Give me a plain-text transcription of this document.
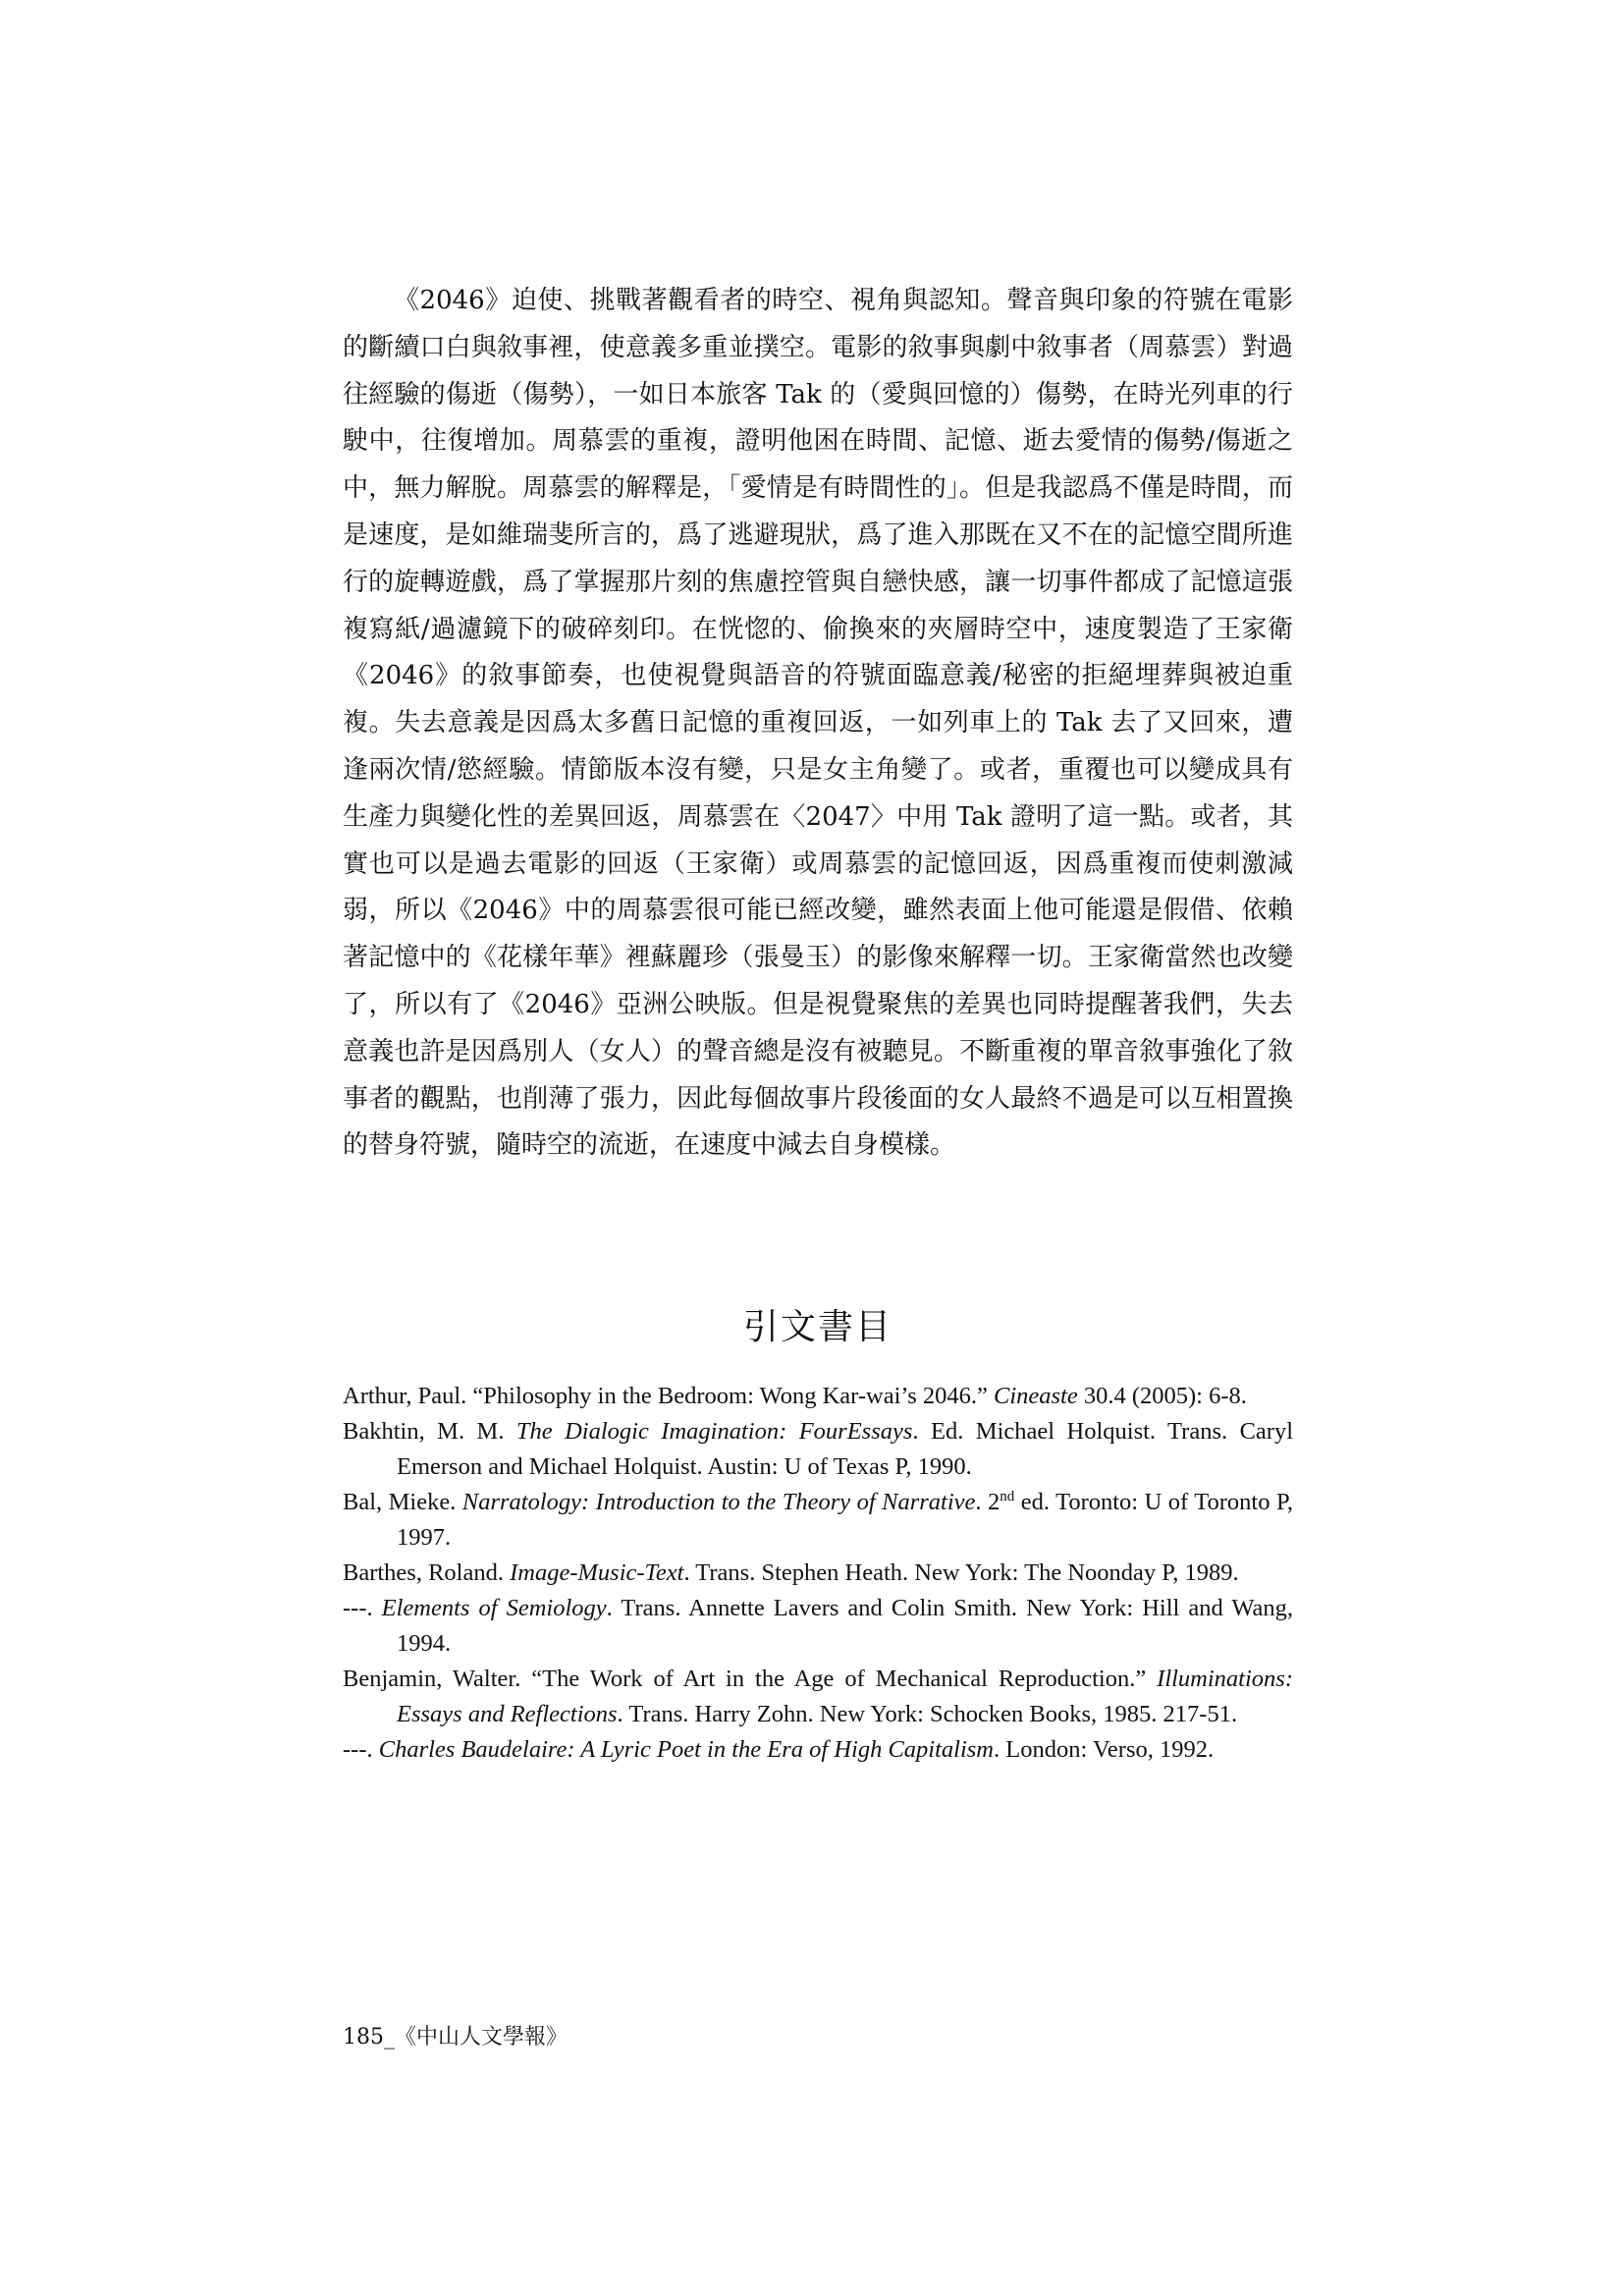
《2046》迫使、挑戰著觀看者的時空、視角與認知。聲音與印象的符號在電影的斷續口白與敘事裡，使意義多重並撲空。電影的敘事與劇中敘事者（周慕雲）對過往經驗的傷逝（傷勢），一如日本旅客 Tak 的（愛與回憶的）傷勢，在時光列車的行駛中，往復增加。周慕雲的重複，證明他困在時間、記憶、逝去愛情的傷勢/傷逝之中，無力解脫。周慕雲的解釋是，「愛情是有時間性的」。但是我認爲不僅是時間，而是速度，是如維瑞斐所言的，爲了逃避現狀，爲了進入那既在又不在的記憶空間所進行的旋轉遊戲，爲了掌握那片刻的焦慮控管與自戀快感，讓一切事件都成了記憶這張複寫紙/過濾鏡下的破碎刻印。在恍惚的、偷換來的夾層時空中，速度製造了王家衛《2046》的敘事節奏，也使視覺與語音的符號面臨意義/秘密的拒絕埋葬與被迫重複。失去意義是因爲太多舊日記憶的重複回返，一如列車上的 Tak 去了又回來，遭逢兩次情/慾經驗。情節版本沒有變，只是女主角變了。或者，重覆也可以變成具有生產力與變化性的差異回返，周慕雲在〈2047〉中用 Tak 證明了這一點。或者，其實也可以是過去電影的回返（王家衛）或周慕雲的記憶回返，因爲重複而使刺激減弱，所以《2046》中的周慕雲很可能已經改變，雖然表面上他可能還是假借、依賴著記憶中的《花樣年華》裡蘇麗珍（張曼玉）的影像來解釋一切。王家衛當然也改變了，所以有了《2046》亞洲公映版。但是視覺聚焦的差異也同時提醒著我們，失去意義也許是因爲別人（女人）的聲音總是沒有被聽見。不斷重複的單音敘事強化了敘事者的觀點，也削薄了張力，因此每個故事片段後面的女人最終不過是可以互相置換的替身符號，隨時空的流逝，在速度中減去自身模樣。

引文書目
Arthur, Paul. “Philosophy in the Bedroom: Wong Kar-wai’s 2046.” Cineaste 30.4 (2005): 6-8.
Bakhtin, M. M. The Dialogic Imagination: FourEssays. Ed. Michael Holquist. Trans. Caryl Emerson and Michael Holquist. Austin: U of Texas P, 1990.
Bal, Mieke. Narratology: Introduction to the Theory of Narrative. 2nd ed. Toronto: U of Toronto P, 1997.
Barthes, Roland. Image-Music-Text. Trans. Stephen Heath. New York: The Noonday P, 1989.
---. Elements of Semiology. Trans. Annette Lavers and Colin Smith. New York: Hill and Wang, 1994.
Benjamin, Walter. “The Work of Art in the Age of Mechanical Reproduction.” Illuminations: Essays and Reflections. Trans. Harry Zohn. New York: Schocken Books, 1985. 217-51.
---. Charles Baudelaire: A Lyric Poet in the Era of High Capitalism. London: Verso, 1992.
185_《中山人文學報》
